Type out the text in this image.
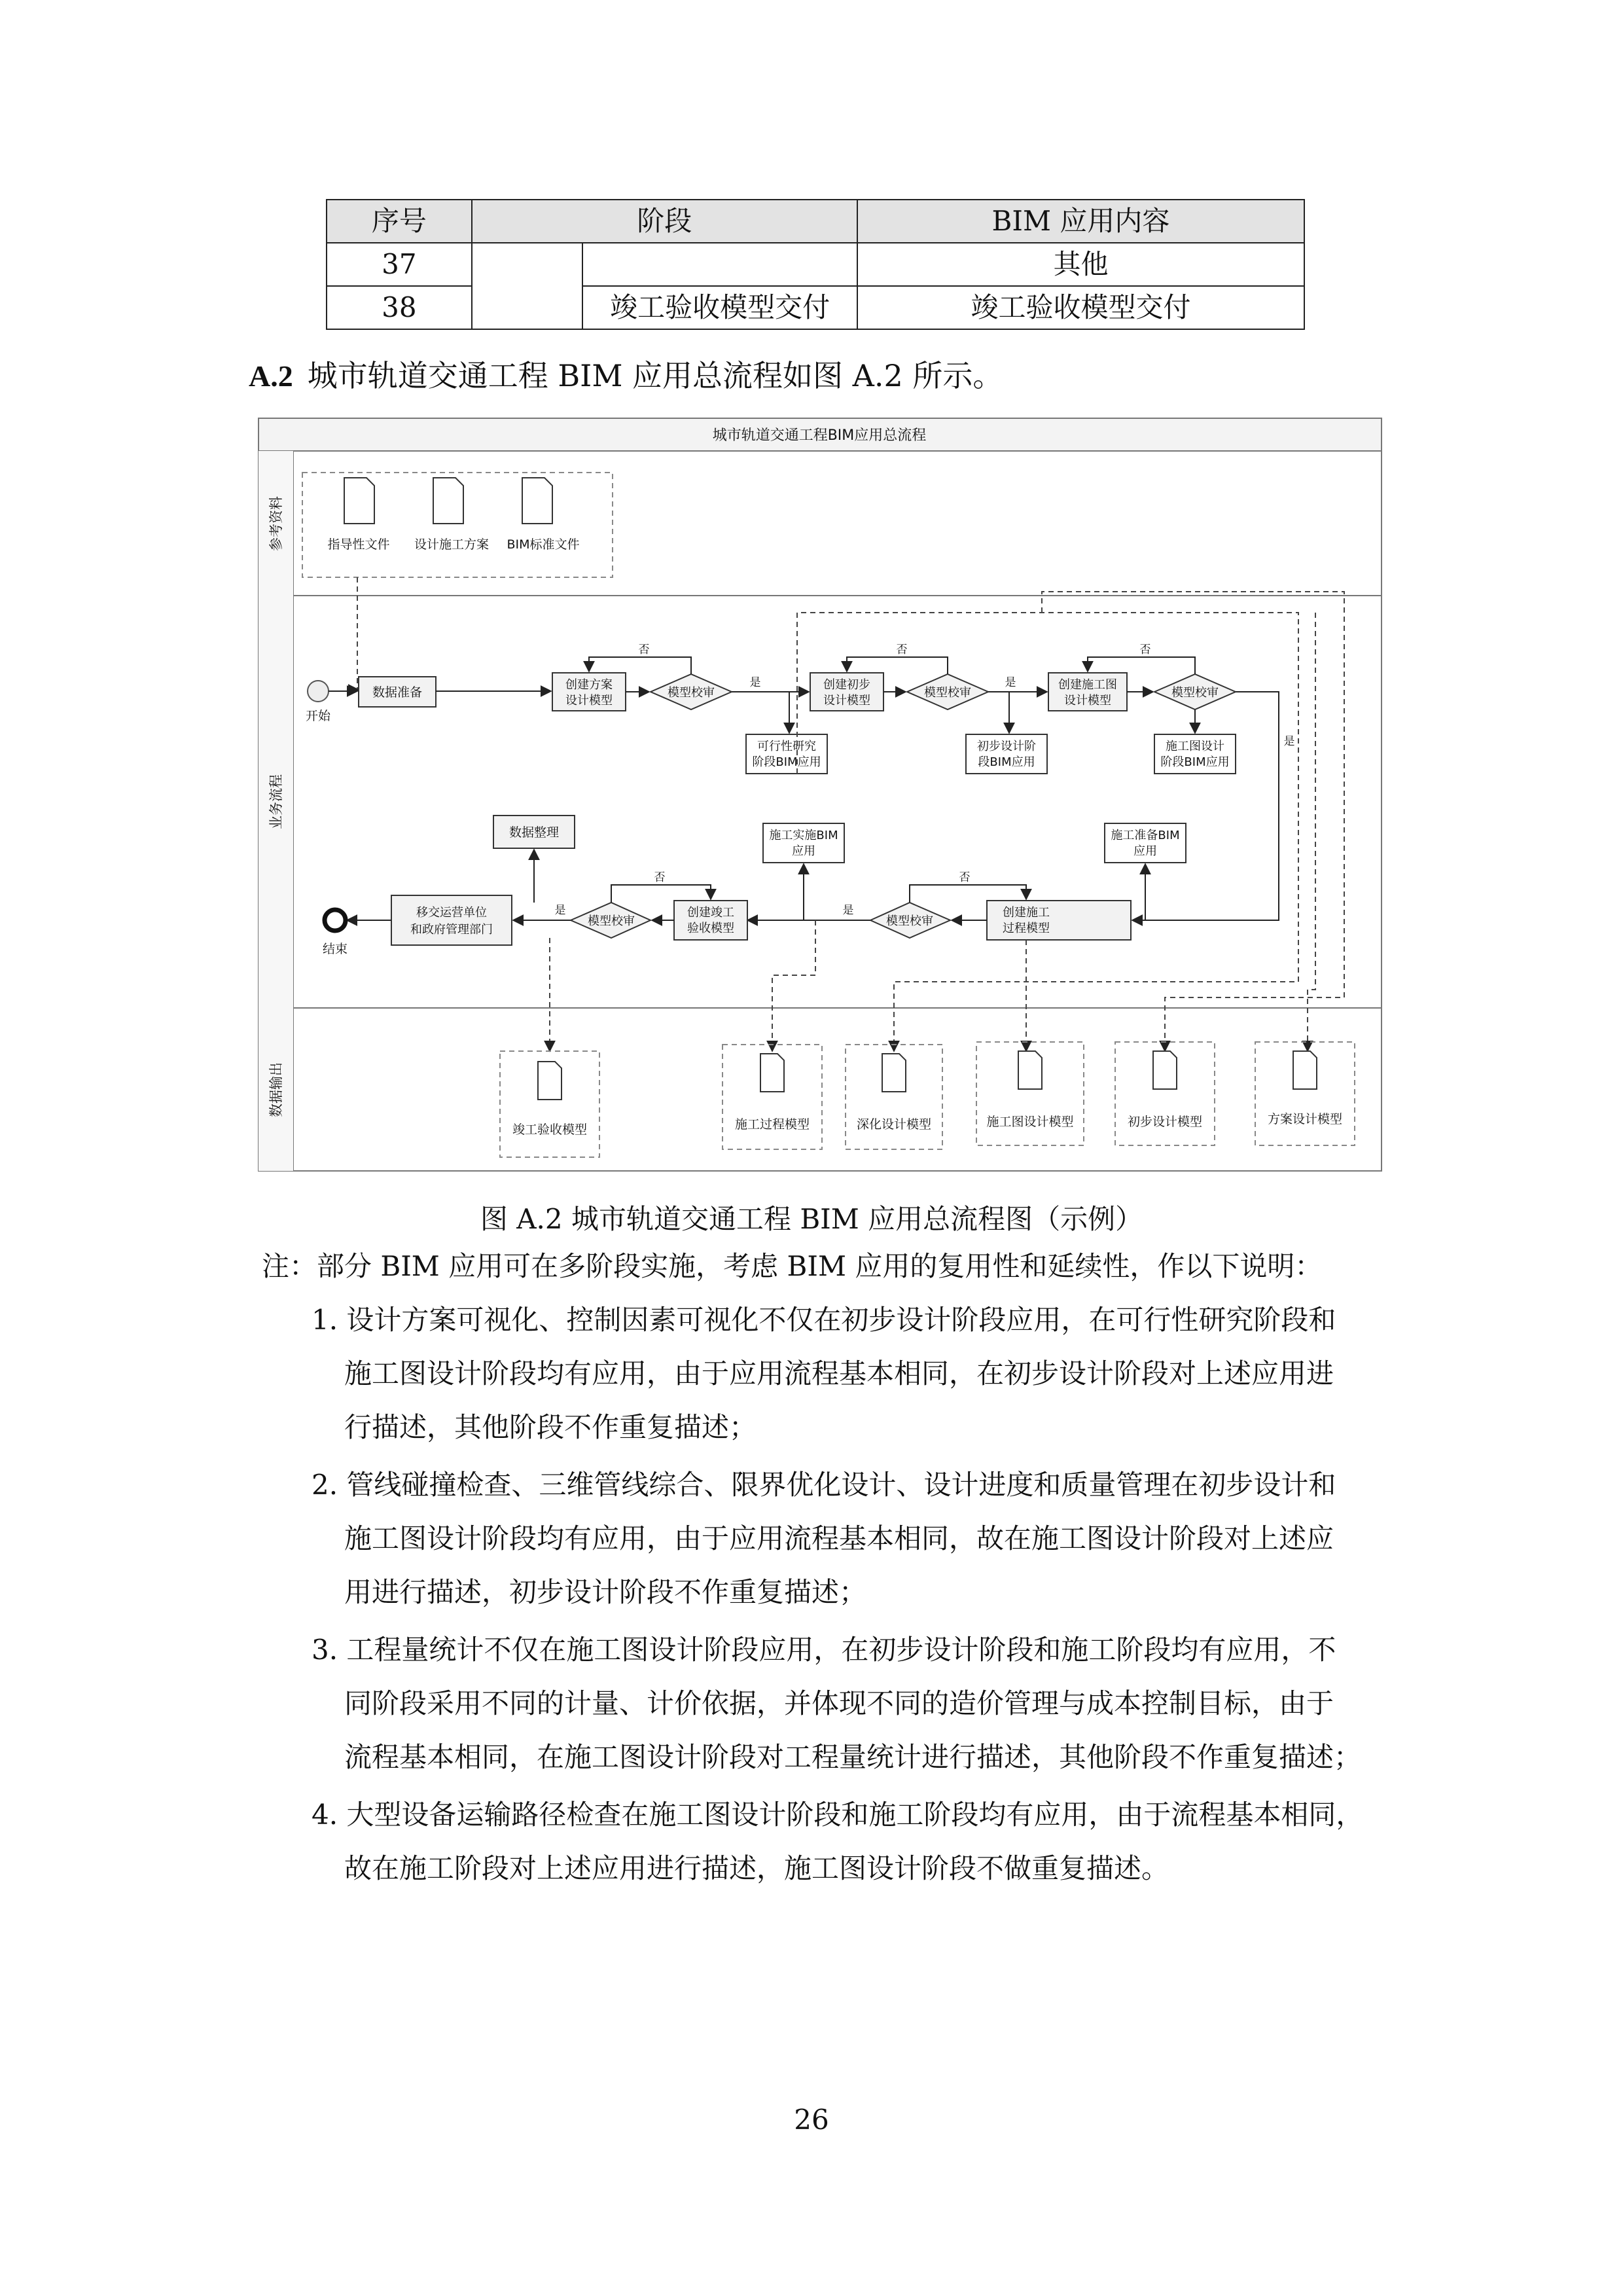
序号	阶段		BIM 应用内容
37			其他
38		竣工验收模型交付	竣工验收模型交付
A.2 城市轨道交通工程 BIM 应用总流程如图 A.2 所示。
城市轨道交通工程BIM应用总流程
参考资料
业务流程
数据输出
指导性文件 设计施工方案 BIM标准文件
开始
数据准备
创建方案
设计模型
模型校审
否
是
可行性研究
阶段BIM应用
创建初步
设计模型
模型校审
否
是
初步设计阶
段BIM应用
创建施工图
设计模型
模型校审
否
施工图设计
阶段BIM应用
是
施工准备BIM
应用
创建施工
过程模型
模型校审
否
是
施工实施BIM
应用
创建竣工
验收模型
模型校审
否
是
数据整理
移交运营单位
和政府管理部门
结束
竣工验收模型	施工过程模型	深化设计模型	施工图设计模型	初步设计模型	方案设计模型
图 A.2 城市轨道交通工程 BIM 应用总流程图（示例）
注：部分 BIM 应用可在多阶段实施，考虑 BIM 应用的复用性和延续性，作以下说明：
1. 设计方案可视化、控制因素可视化不仅在初步设计阶段应用，在可行性研究阶段和
施工图设计阶段均有应用，由于应用流程基本相同，在初步设计阶段对上述应用进
行描述，其他阶段不作重复描述；
2. 管线碰撞检查、三维管线综合、限界优化设计、设计进度和质量管理在初步设计和
施工图设计阶段均有应用，由于应用流程基本相同，故在施工图设计阶段对上述应
用进行描述，初步设计阶段不作重复描述；
3. 工程量统计不仅在施工图设计阶段应用，在初步设计阶段和施工阶段均有应用，不
同阶段采用不同的计量、计价依据，并体现不同的造价管理与成本控制目标，由于
流程基本相同，在施工图设计阶段对工程量统计进行描述，其他阶段不作重复描述；
4. 大型设备运输路径检查在施工图设计阶段和施工阶段均有应用，由于流程基本相同，
故在施工阶段对上述应用进行描述，施工图设计阶段不做重复描述。
26
